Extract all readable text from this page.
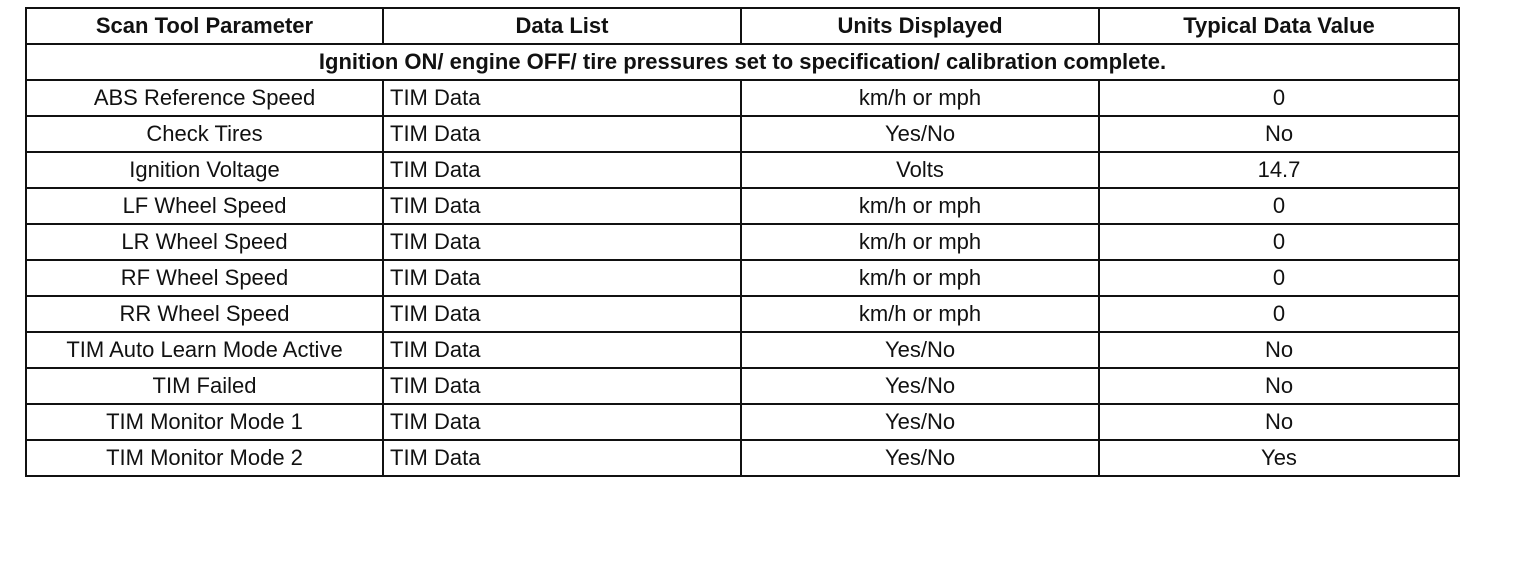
Scan Tool Parameter	Data List	Units Displayed	Typical Data Value
Ignition ON/ engine OFF/ tire pressures set to specification/ calibration complete.			
ABS Reference Speed	TIM Data	km/h or mph	0
Check Tires	TIM Data	Yes/No	No
Ignition Voltage	TIM Data	Volts	14.7
LF Wheel Speed	TIM Data	km/h or mph	0
LR Wheel Speed	TIM Data	km/h or mph	0
RF Wheel Speed	TIM Data	km/h or mph	0
RR Wheel Speed	TIM Data	km/h or mph	0
TIM Auto Learn Mode Active	TIM Data	Yes/No	No
TIM Failed	TIM Data	Yes/No	No
TIM Monitor Mode 1	TIM Data	Yes/No	No
TIM Monitor Mode 2	TIM Data	Yes/No	Yes
